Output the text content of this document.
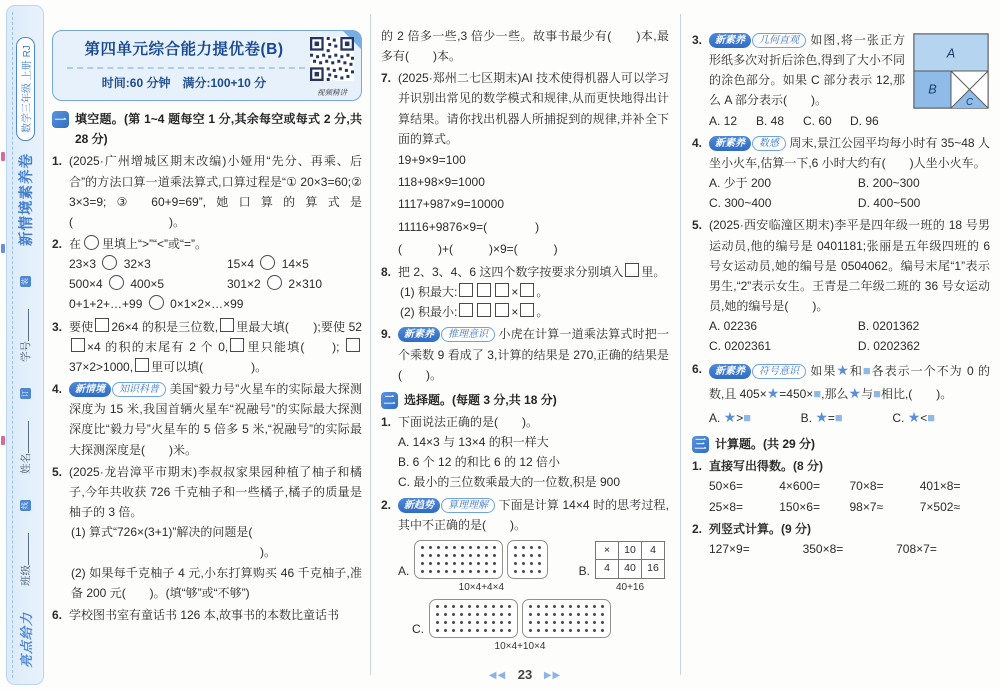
亮点给力
班级
线
姓名
订
学号
装
新情境素养卷
数学三年级 上册 RJ	视频精讲
第四单元综合能力提优卷(B)
时间:60 分钟　满分:100+10 分
一 填空题。(第 1~4 题每空 1 分,其余每空或每式 2 分,共 28 分)

1. (2025·广州增城区期末改编)小娅用“先分、再乘、后合”的方法口算一道乘法算式,口算过程是“① 20×3=60;② 3×3=9;③ 60+9=69”,她口算的算式是(　　　　　　　　)。
2. 在 里填上“>”“<”或“=”。

23×3  32×3	15×4  14×5

500×4  400×5	301×2  2×310

0+1+2+…+99  0×1×2×…×99

3. 要使 26×4 的积是三位数, 里最大填(　　);要使 52×4 的积的末尾有 2 个 0, 里只能填(　　); 37×2>1000, 里可以填(　　　　)。
4.	新情境 知识科普 美国“毅力号”火星车的实际最大探测深度为 15 米,我国首辆火星车“祝融号”的实际最大探测深度比“毅力号”火星车的 5 倍多 5 米,“祝融号”的实际最大探测深度是(　　)米。
5. (2025·龙岩漳平市期末)李叔叔家果园种植了柚子和橘子,今年共收获 726 千克柚子和一些橘子,橘子的质量是柚子的 3 倍。

(1) 算式“726×(3+1)”解决的问题是(

)。

(2) 如果每千克柚子 4 元,小东打算购买 46 千克柚子,准备 200 元(　　)。(填“够”或“不够”)

6. 学校图书室有童话书 126 本,故事书的本数比童话书

的 2 倍多一些,3 倍少一些。故事书最少有(　　)本,最多有(　　)本。

7. (2025·郑州二七区期末)AI 技术使得机器人可以学习并识别出常见的数学模式和规律,从而更快地得出计算结果。请你找出机器人所捕捉到的规律,并补全下面的算式。

19+9×9=100

118+98×9=1000

1117+987×9=10000

11116+9876×9=(　　　　)

(　　　)+(　　　)×9=(　　　)

8. 把 2、3、4、6 这四个数字按要求分别填入 里。

(1) 积最大:	× 。

(2) 积最小:	× 。

9.	新素养 推理意识 小虎在计算一道乘法算式时把一个乘数 9 看成了 3,计算的结果是 270,正确的结果是(　　)。
二 选择题。(每题 3 分,共 18 分)

1. 下面说法正确的是(　　)。

A. 14×3 与 13×4 的积一样大

B. 6 个 12 的和比 6 的 12 倍小

C. 最小的三位数乘最大的一位数,积是 900

2.	新趋势 算理理解 下面是计算 14×4 时的思考过程,其中不正确的是(　　)。
A.
10×4+4×4
B.
×	10	4
4	40	16
40+16
C.
10×4+10×4
3.
A
B
C
新素养 几何直观 如图,将一张正方形纸多次对折后涂色,得到了大小不同的涂色部分。如果 C 部分表示 12,那么 A 部分表示(　　)。

A. 12	B. 48	C. 60	D. 96

4.	新素养 数感 周末,景江公园平均每小时有 35~48 人坐小火车,估算一下,6 小时大约有(　　)人坐小火车。

A. 少于 200	B. 200~300

C. 300~400	D. 400~500

5. (2025·西安临潼区期末)李平是四年级一班的 18 号男运动员,他的编号是 0401181;张丽是五年级四班的 6 号女运动员,她的编号是 0504062。编号末尾“1”表示男生,“2”表示女生。王青是二年级二班的 36 号女运动员,她的编号是(　　)。

A. 02236	B. 0201362

C. 0202361	D. 0202362

6.	新素养 符号意识 如果★和■各表示一个不为 0 的数,且 405×★=450×■,那么★与■相比,(　　)。

A. ★>■	B. ★=■	C. ★<■

三 计算题。(共 29 分)

1. 直接写出得数。(8 分)

50×6=	4×600=	70×8=	401×8=

25×8=	150×6=	98×7≈	7×502≈

2. 列竖式计算。(9 分)

127×9=	350×8=	708×7=

◀◀ 23 ▶▶
